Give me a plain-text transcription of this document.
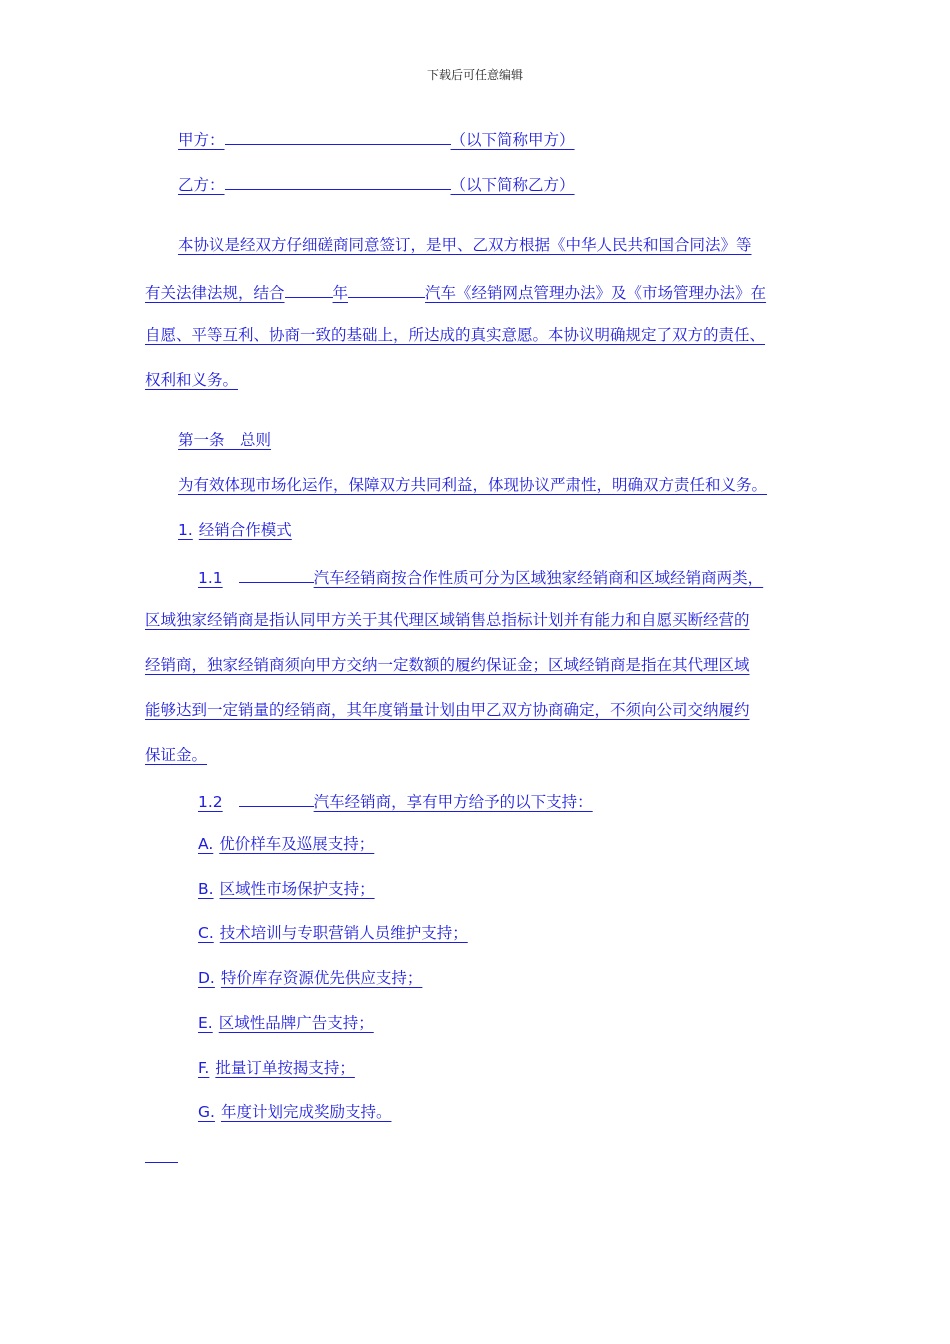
下载后可任意编辑
甲方：	（以下简称甲方）
乙方：	（以下简称乙方）
本协议是经双方仔细磋商同意签订，是甲、乙双方根据《中华人民共和国合同法》等
有关法律法规，结合	年	汽车《经销网点管理办法》及《市场管理办法》在
自愿、平等互利、协商一致的基础上，所达成的真实意愿。本协议明确规定了双方的责任、
权利和义务。
第一条　总则
为有效体现市场化运作，保障双方共同利益，体现协议严肃性，明确双方责任和义务。
1. 经销合作模式
1.1	汽车经销商按合作性质可分为区域独家经销商和区域经销商两类，
区域独家经销商是指认同甲方关于其代理区域销售总指标计划并有能力和自愿买断经营的
经销商，独家经销商须向甲方交纳一定数额的履约保证金；区域经销商是指在其代理区域
能够达到一定销量的经销商，其年度销量计划由甲乙双方协商确定，不须向公司交纳履约
保证金。
1.2	汽车经销商，享有甲方给予的以下支持：
A. 优价样车及巡展支持；
B. 区域性市场保护支持；
C. 技术培训与专职营销人员维护支持；
D. 特价库存资源优先供应支持；
E. 区域性品牌广告支持；
F. 批量订单按揭支持；
G. 年度计划完成奖励支持。
